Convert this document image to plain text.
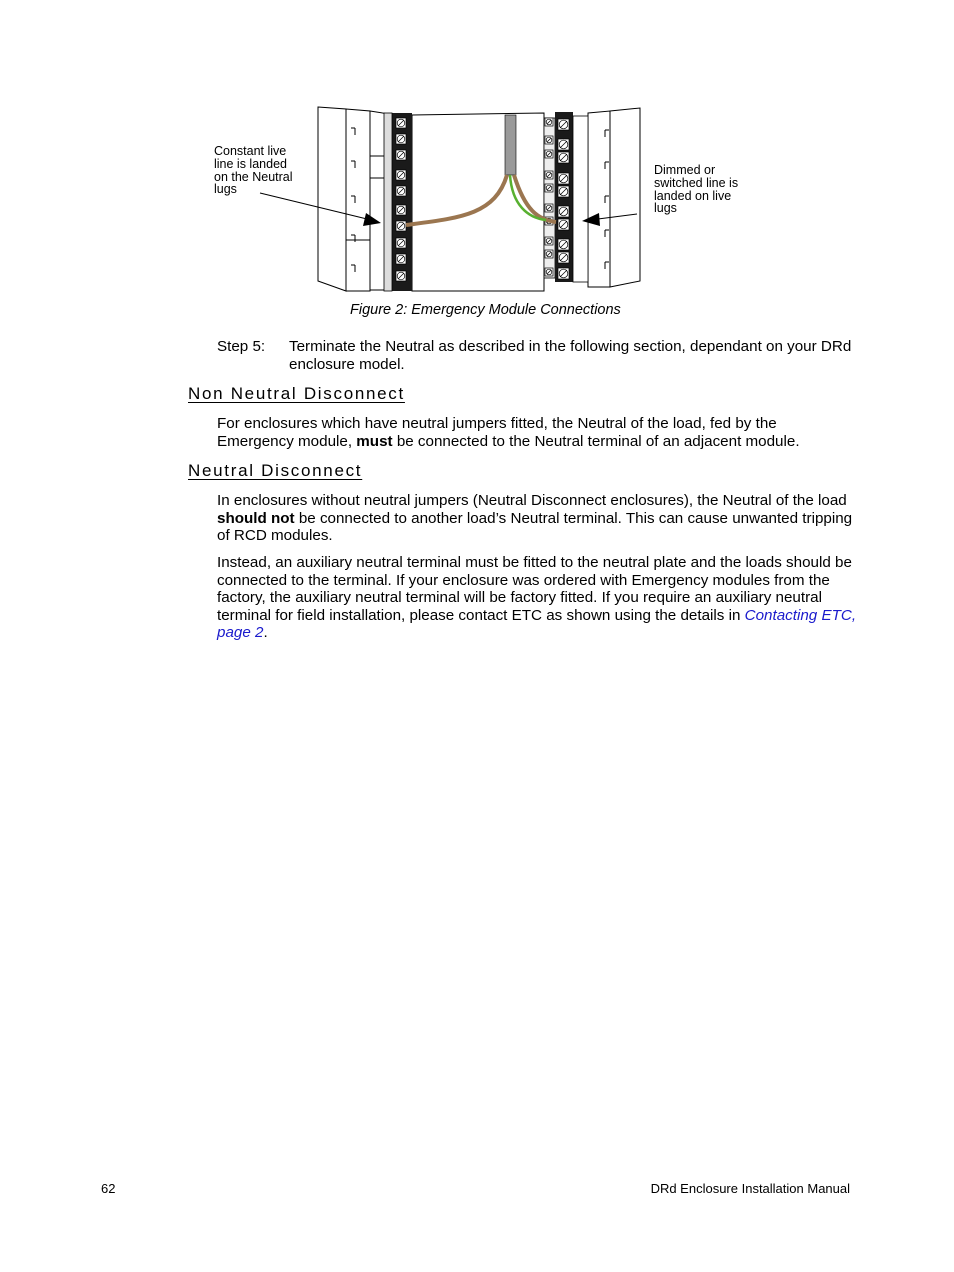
Constant live
line is landed
on the Neutral
lugs
Dimmed or
switched line is
landed on live
lugs
Figure 2: Emergency Module Connections
Step 5: Terminate the Neutral as described in the following section, dependant on your DRd enclosure model.
Non Neutral Disconnect
For enclosures which have neutral jumpers fitted, the Neutral of the load, fed by the Emergency module, must be connected to the Neutral terminal of an adjacent module.
Neutral Disconnect
In enclosures without neutral jumpers (Neutral Disconnect enclosures), the Neutral of the load should not be connected to another load’s Neutral terminal. This can cause unwanted tripping of RCD modules.
Instead, an auxiliary neutral terminal must be fitted to the neutral plate and the loads should be connected to the terminal. If your enclosure was ordered with Emergency modules from the factory, the auxiliary neutral terminal will be factory fitted. If you require an auxiliary neutral terminal for field installation, please contact ETC as shown using the details in Contacting ETC, page 2.
62	DRd Enclosure Installation Manual
